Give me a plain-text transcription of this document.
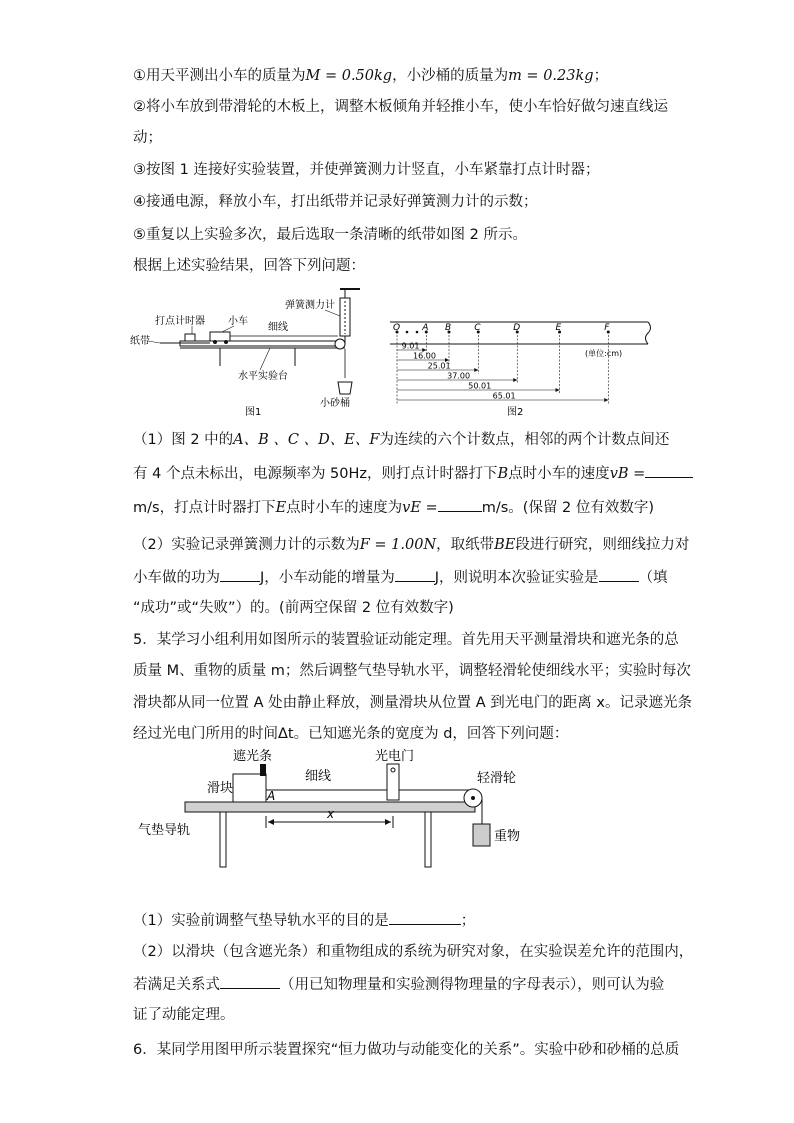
①用天平测出小车的质量为M = 0.50kg，小沙桶的质量为m = 0.23kg；
②将小车放到带滑轮的木板上，调整木板倾角并轻推小车，使小车恰好做匀速直线运
动；
③按图 1 连接好实验装置，并使弹簧测力计竖直，小车紧靠打点计时器；
④接通电源，释放小车，打出纸带并记录好弹簧测力计的示数；
⑤重复以上实验多次，最后选取一条清晰的纸带如图 2 所示。
根据上述实验结果，回答下列问题：
打点计时器 小车
弹簧测力计
细线
纸带
水平实验台
小砂桶
图1
(单位:cm)
O A B	C	D	E	F
9.01
16.00
25.01
37.00
50.01
65.01
图2
（1）图 2 中的A、B 、C 、D、E、F为连续的六个计数点，相邻的两个计数点间还
有 4 个点未标出，电源频率为 50Hz，则打点计时器打下B点时小车的速度vB =
m/s，打点计时器打下E点时小车的速度为vE =	m/s。(保留 2 位有效数字)
（2）实验记录弹簧测力计的示数为F = 1.00N，取纸带BE段进行研究，则细线拉力对
小车做的功为	J，小车动能的增量为	J，则说明本次验证实验是	（填
“成功”或“失败”）的。(前两空保留 2 位有效数字)
5．某学习小组利用如图所示的装置验证动能定理。首先用天平测量滑块和遮光条的总
质量 M、重物的质量 m；然后调整气垫导轨水平，调整轻滑轮使细线水平；实验时每次
滑块都从同一位置 A 处由静止释放，测量滑块从位置 A 到光电门的距离 x。记录遮光条
经过光电门所用的时间Δt。已知遮光条的宽度为 d，回答下列问题：
遮光条	光电门
滑块
细线	轻滑轮
A
气垫导轨
x
重物
（1）实验前调整气垫导轨水平的目的是	；
（2）以滑块（包含遮光条）和重物组成的系统为研究对象，在实验误差允许的范围内，
若满足关系式	（用已知物理量和实验测得物理量的字母表示），则可认为验
证了动能定理。
6．某同学用图甲所示装置探究“恒力做功与动能变化的关系”。实验中砂和砂桶的总质
